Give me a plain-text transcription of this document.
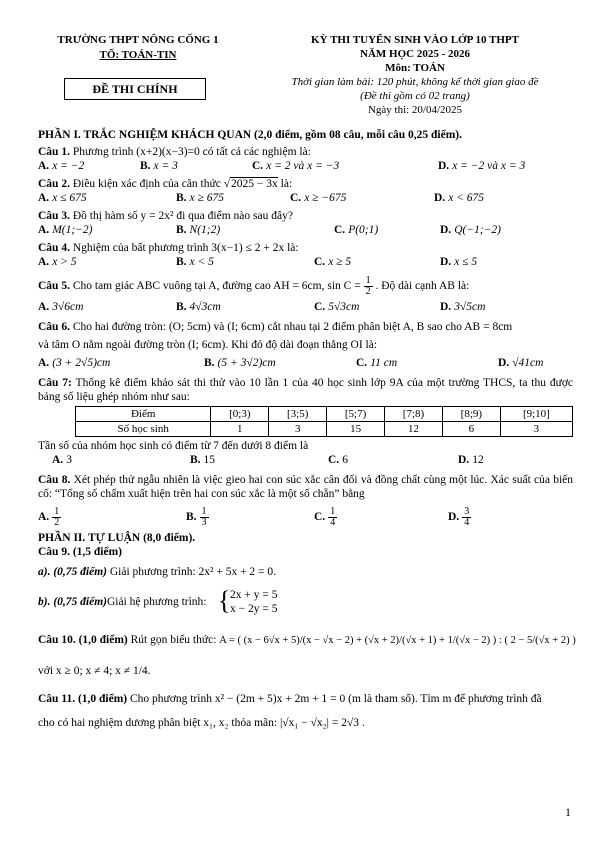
TRƯỜNG THPT NÔNG CỐNG 1
TỔ: TOÁN-TIN
ĐỀ THI CHÍNH
KỲ THI TUYỂN SINH VÀO LỚP 10 THPT
NĂM HỌC 2025 - 2026
Môn: TOÁN
Thời gian làm bài: 120 phút, không kể thời gian giao đề
(Đề thi gồm có 02 trang)
Ngày thi: 20/04/2025
PHẦN I. TRẮC NGHIỆM KHÁCH QUAN (2,0 điểm, gồm 08 câu, mỗi câu 0,25 điểm).
Câu 1. Phương trình (x+2)(x−3)=0 có tất cả các nghiệm là:
A. x = −2	B. x = 3	C. x = 2 và x = −3	D. x = −2 và x = 3
Câu 2. Điều kiện xác định của căn thức √2025 − 3x là:
A. x ≤ 675	B. x ≥ 675	C. x ≥ −675	D. x < 675
Câu 3. Đồ thị hàm số y = 2x² đi qua điểm nào sau đây?
A. M(1;−2)	B. N(1;2)	C. P(0;1)	D. Q(−1;−2)
Câu 4. Nghiệm của bất phương trình 3(x−1) ≤ 2 + 2x là:
A. x > 5	B. x < 5	C. x ≥ 5	D. x ≤ 5
Câu 5. Cho tam giác ABC vuông tại A, đường cao AH = 6cm, $\sin C = \frac{1}{2}$ . Độ dài cạnh AB là:
A. 3√6cm	B. 4√3cm	C. 5√3cm	D. 3√5cm
Câu 6. Cho hai đường tròn: (O; 5cm) và (I; 6cm) cắt nhau tại 2 điểm phân biệt A, B sao cho AB = 8cm
và tâm O nằm ngoài đường tròn (I; 6cm). Khi đó độ dài đoạn thẳng OI là:
A. (3 + 2√5)cm	B. (5 + 3√2)cm	C. 11 cm	D. √41cm
Câu 7: Thống kê điểm khảo sát thi thử vào 10 lần 1 của 40 học sinh lớp 9A của một trường THCS, ta thu được bảng số liệu ghép nhóm như sau:
Điểm	[0;3)	[3;5)	[5;7)	[7;8)	[8;9)	[9;10]
Số học sinh	1	3	15	12	6	3
Tần số của nhóm học sinh có điểm từ 7 đến dưới 8 điểm là
A. 3	B. 15	C. 6	D. 12
Câu 8. Xét phép thử ngẫu nhiên là việc gieo hai con súc xắc cân đối và đồng chất cùng một lúc. Xác suất của biến cố: “Tổng số chấm xuất hiện trên hai con súc xắc là một số chẵn” bằng
A. $\frac{1}{2}$	B. $\frac{1}{3}$	C. $\frac{1}{4}$	D. $\frac{3}{4}$
PHẦN II. TỰ LUẬN (8,0 điểm).
Câu 9. (1,5 điểm)
a). (0,75 điểm) Giải phương trình: 2x² + 5x + 2 = 0.
b). (0,75 điểm)Giải hệ phương trình: { 2x + y = 5
x − 2y = 5
Câu 10. (1,0 điểm) Rút gọn biểu thức: A = ( (x − 6√x + 5)/(x − √x − 2) + (√x + 2)/(√x + 1) + 1/(√x − 2) ) : ( 2 − 5/(√x + 2) )
với x ≥ 0; x ≠ 4; x ≠ 1/4.
Câu 11. (1,0 điểm) Cho phương trình x² − (2m + 5)x + 2m + 1 = 0 (m là tham số). Tìm m để phương trình đã
cho có hai nghiệm dương phân biệt x₁, x₂ thỏa mãn: |√x₁ − √x₂| = 2√3 .
1
